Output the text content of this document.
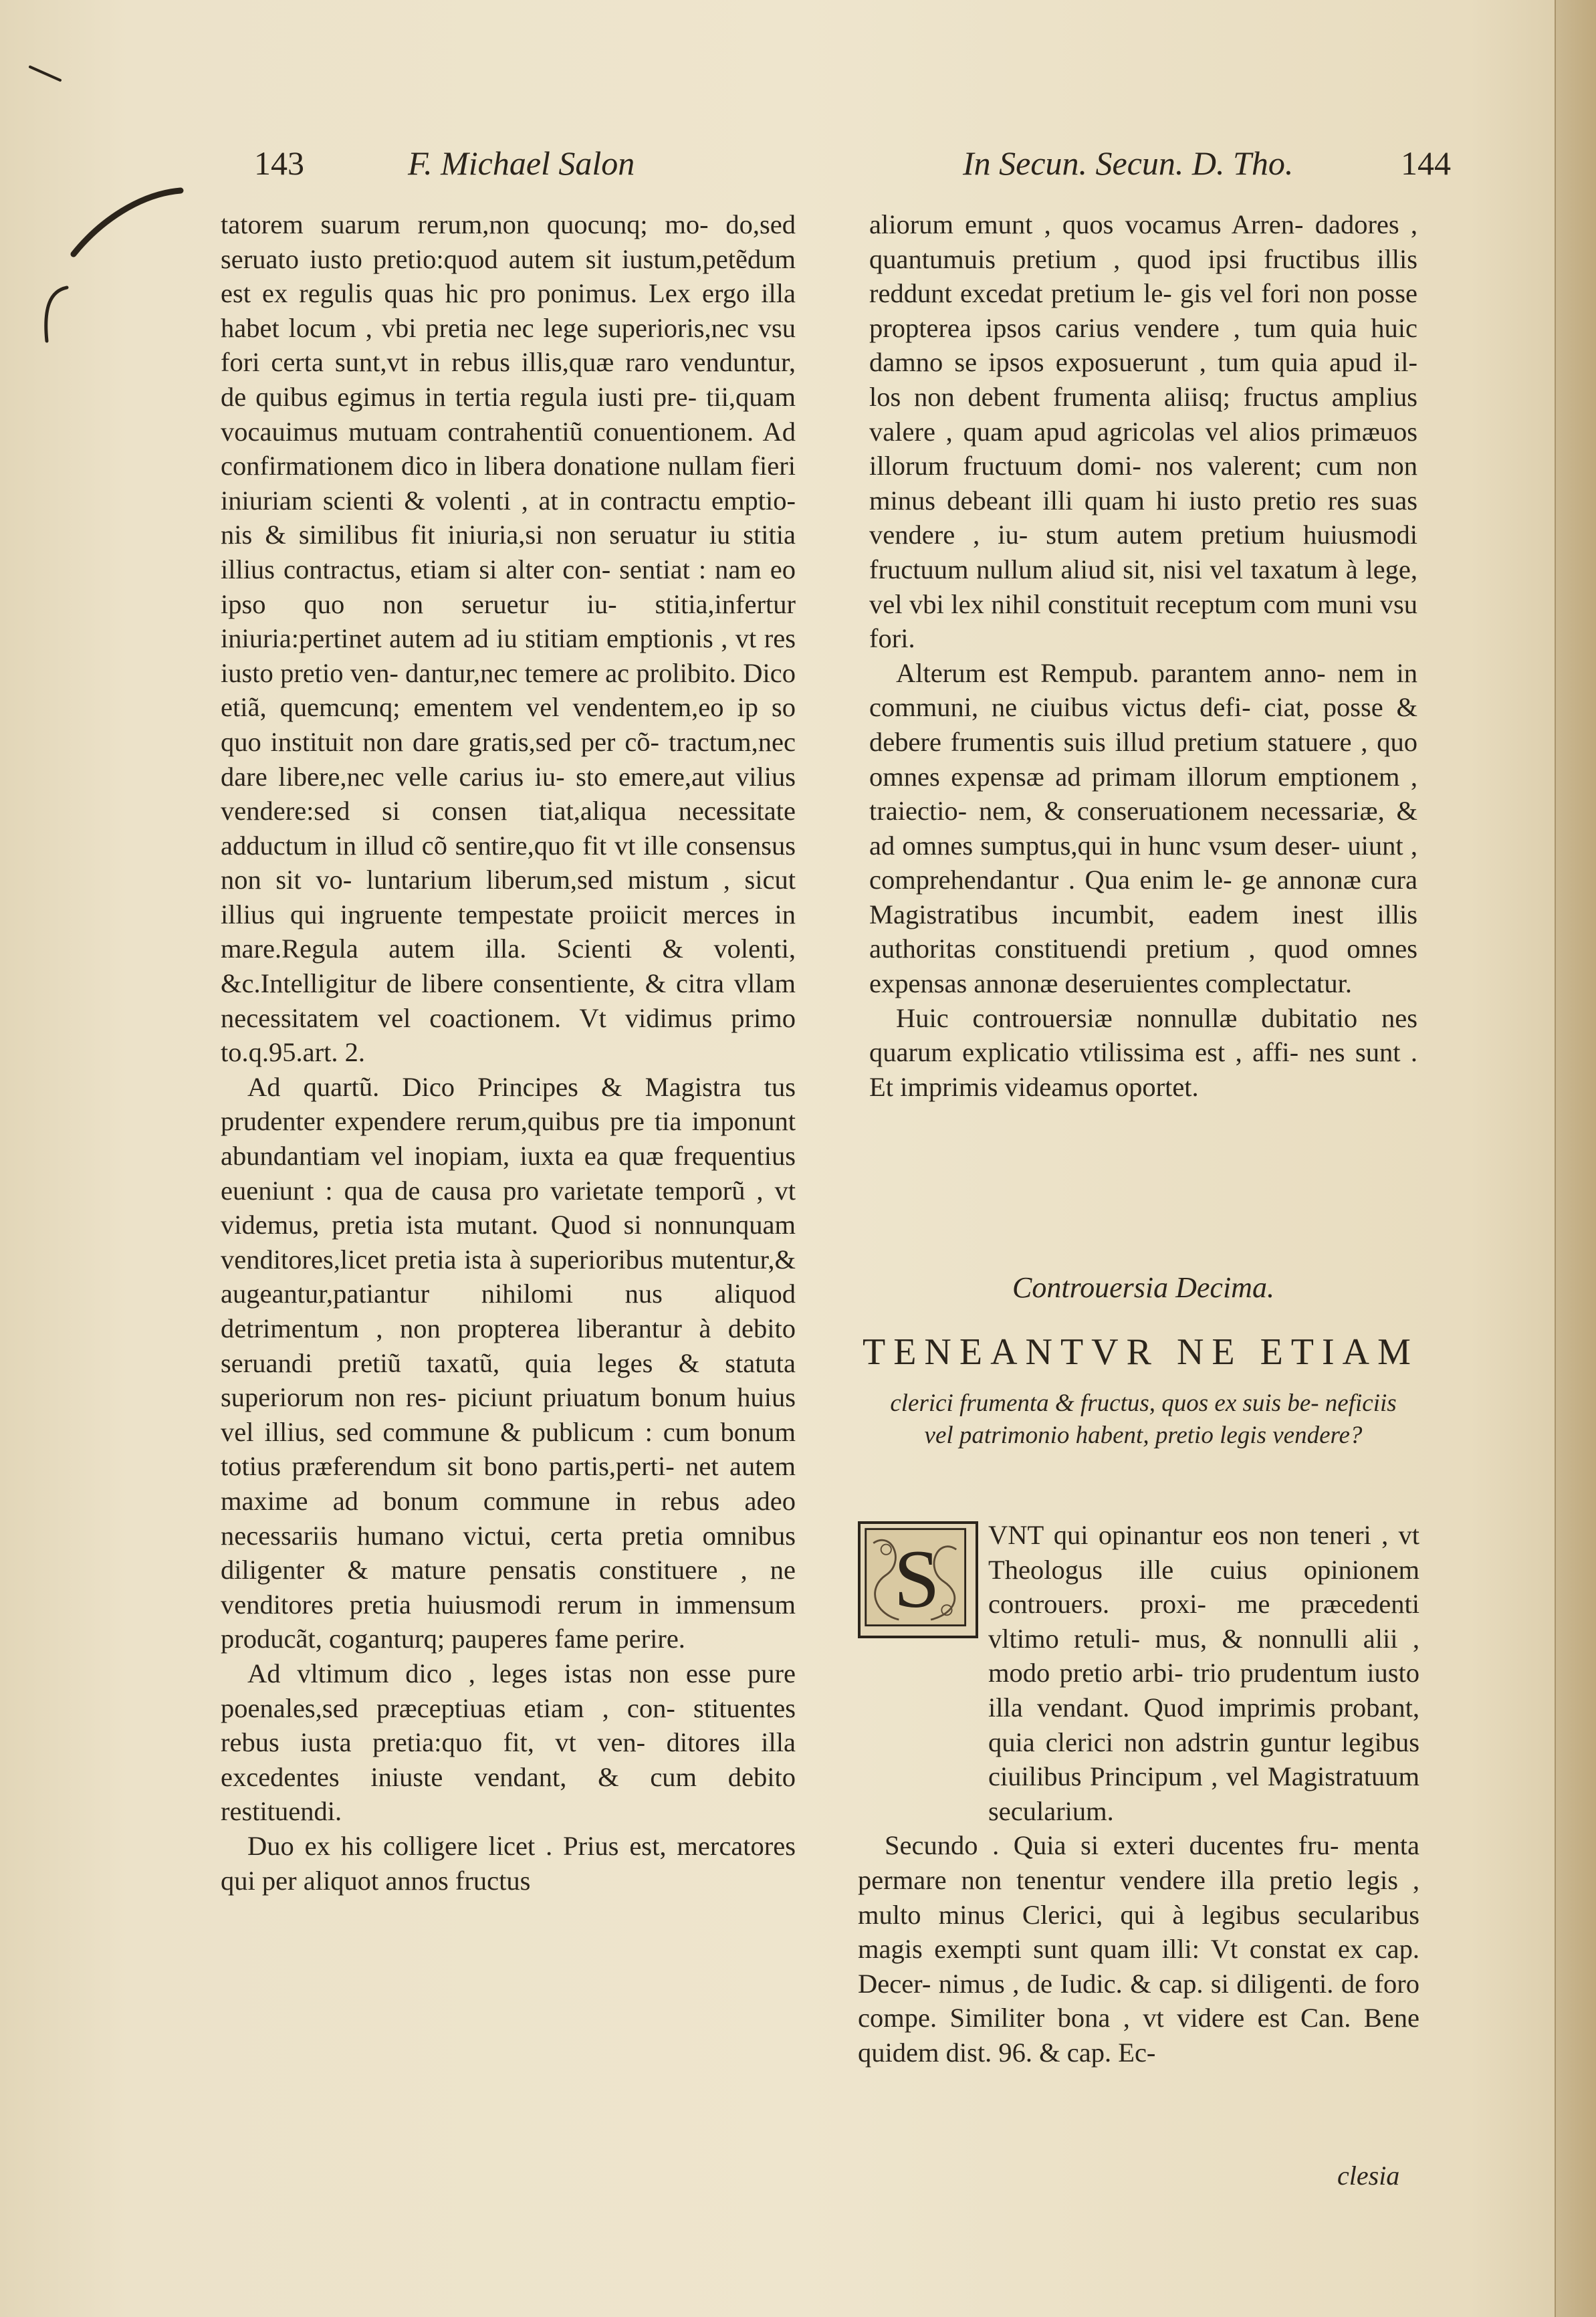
143	F. Michael Salon	In Secun. Secun. D. Tho.	144

tatorem suarum rerum,non quocunq; mo- do,sed seruato iusto pretio:quod autem sit iustum,petẽdum est ex regulis quas hic pro ponimus. Lex ergo illa habet locum , vbi pretia nec lege superioris,nec vsu fori certa sunt,vt in rebus illis,quæ raro venduntur, de quibus egimus in tertia regula iusti pre- tii,quam vocauimus mutuam contrahentiũ conuentionem. Ad confirmationem dico in libera donatione nullam fieri iniuriam scienti & volenti , at in contractu emptio- nis & similibus fit iniuria,si non seruatur iu stitia illius contractus, etiam si alter con- sentiat : nam eo ipso quo non seruetur iu- stitia,infertur iniuria:pertinet autem ad iu stitiam emptionis , vt res iusto pretio ven- dantur,nec temere ac prolibito. Dico etiã, quemcunq; ementem vel vendentem,eo ip so quo instituit non dare gratis,sed per cõ- tractum,nec dare libere,nec velle carius iu- sto emere,aut vilius vendere:sed si consen tiat,aliqua necessitate adductum in illud cõ sentire,quo fit vt ille consensus non sit vo- luntarium liberum,sed mistum , sicut illius qui ingruente tempestate proiicit merces in mare.Regula autem illa. Scienti & volenti, &c.Intelligitur de libere consentiente, & citra vllam necessitatem vel coactionem. Vt vidimus primo to.q.95.art. 2.

Ad quartũ. Dico Principes & Magistra tus prudenter expendere rerum,quibus pre tia imponunt abundantiam vel inopiam, iuxta ea quæ frequentius eueniunt : qua de causa pro varietate temporũ , vt videmus, pretia ista mutant. Quod si nonnunquam venditores,licet pretia ista à superioribus mutentur,& augeantur,patiantur nihilomi nus aliquod detrimentum , non propterea liberantur à debito seruandi pretiũ taxatũ, quia leges & statuta superiorum non res- piciunt priuatum bonum huius vel illius, sed commune & publicum : cum bonum totius præferendum sit bono partis,perti- net autem maxime ad bonum commune in rebus adeo necessariis humano victui, certa pretia omnibus diligenter & mature pensatis constituere , ne venditores pretia huiusmodi rerum in immensum producãt, coganturq; pauperes fame perire.

Ad vltimum dico , leges istas non esse pure poenales,sed præceptiuas etiam , con- stituentes rebus iusta pretia:quo fit, vt ven- ditores illa excedentes iniuste vendant, & cum debito restituendi.

Duo ex his colligere licet . Prius est, mercatores qui per aliquot annos fructus

aliorum emunt , quos vocamus Arren- dadores , quantumuis pretium , quod ipsi fructibus illis reddunt excedat pretium le- gis vel fori non posse propterea ipsos carius vendere , tum quia huic damno se ipsos exposuerunt , tum quia apud il- los non debent frumenta aliisq; fructus amplius valere , quam apud agricolas vel alios primæuos illorum fructuum domi- nos valerent; cum non minus debeant illi quam hi iusto pretio res suas vendere , iu- stum autem pretium huiusmodi fructuum nullum aliud sit, nisi vel taxatum à lege, vel vbi lex nihil constituit receptum com muni vsu fori.

Alterum est Rempub. parantem anno- nem in communi, ne ciuibus victus defi- ciat, posse & debere frumentis suis illud pretium statuere , quo omnes expensæ ad primam illorum emptionem , traiectio- nem, & conseruationem necessariæ, & ad omnes sumptus,qui in hunc vsum deser- uiunt , comprehendantur . Qua enim le- ge annonæ cura Magistratibus incumbit, eadem inest illis authoritas constituendi pretium , quod omnes expensas annonæ deseruientes complectatur.

Huic controuersiæ nonnullæ dubitatio nes quarum explicatio vtilissima est , affi- nes sunt . Et imprimis videamus oportet.

Controuersia Decima.
TENEANTVR NE ETIAM
clerici frumenta & fructus, quos ex suis be- neficiis vel patrimonio habent, pretio legis vendere?
S	VNT qui opinantur eos non teneri , vt Theologus ille cuius opinionem controuers. proxi- me præcedenti vltimo retuli- mus, & nonnulli alii , modo pretio arbi- trio prudentum iusto illa vendant. Quod imprimis probant, quia clerici non adstrin guntur legibus ciuilibus Principum , vel Magistratuum secularium.

Secundo . Quia si exteri ducentes fru- menta permare non tenentur vendere illa pretio legis , multo minus Clerici, qui à legibus secularibus magis exempti sunt quam illi: Vt constat ex cap. Decer- nimus , de Iudic. & cap. si diligenti. de foro compe. Similiter bona , vt videre est Can. Bene quidem dist. 96. & cap. Ec-

clesia
